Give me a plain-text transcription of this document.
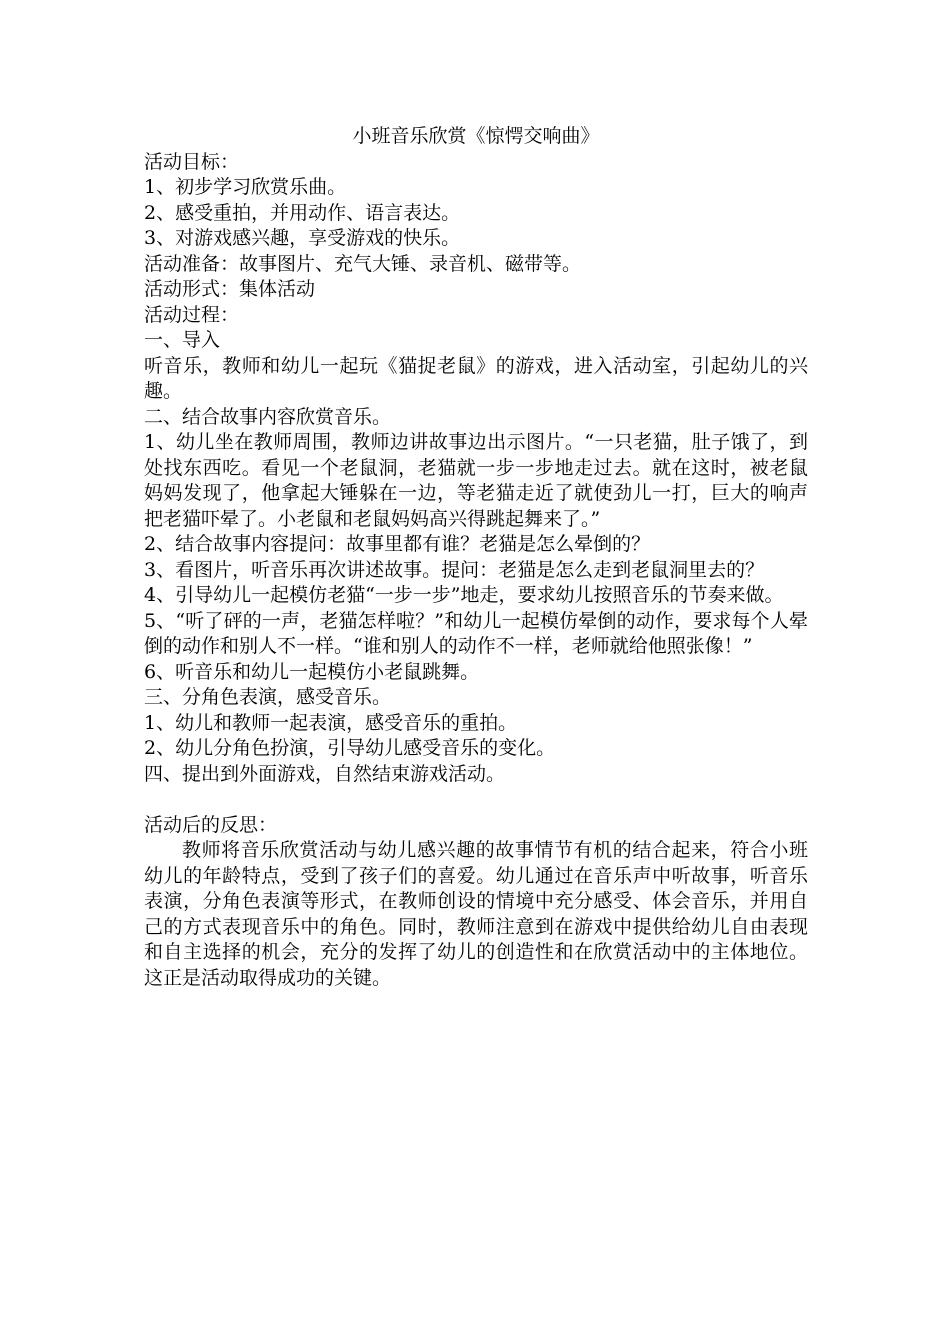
小班音乐欣赏《惊愕交响曲》

活动目标：

1、初步学习欣赏乐曲。

2、感受重拍，并用动作、语言表达。

3、对游戏感兴趣，享受游戏的快乐。

活动准备：故事图片、充气大锤、录音机、磁带等。

活动形式：集体活动

活动过程：

一、导入

听音乐，教师和幼儿一起玩《猫捉老鼠》的游戏，进入活动室，引起幼儿的兴趣。

二、结合故事内容欣赏音乐。

1、幼儿坐在教师周围，教师边讲故事边出示图片。“一只老猫，肚子饿了，到处找东西吃。看见一个老鼠洞，老猫就一步一步地走过去。就在这时，被老鼠妈妈发现了，他拿起大锤躲在一边，等老猫走近了就使劲儿一打，巨大的响声把老猫吓晕了。小老鼠和老鼠妈妈高兴得跳起舞来了。”

2、结合故事内容提问：故事里都有谁？老猫是怎么晕倒的？

3、看图片，听音乐再次讲述故事。提问：老猫是怎么走到老鼠洞里去的？

4、引导幼儿一起模仿老猫“一步一步”地走，要求幼儿按照音乐的节奏来做。

5、“听了砰的一声，老猫怎样啦？”和幼儿一起模仿晕倒的动作，要求每个人晕倒的动作和别人不一样。“谁和别人的动作不一样，老师就给他照张像！”

6、听音乐和幼儿一起模仿小老鼠跳舞。

三、分角色表演，感受音乐。

1、幼儿和教师一起表演，感受音乐的重拍。

2、幼儿分角色扮演，引导幼儿感受音乐的变化。

四、提出到外面游戏，自然结束游戏活动。

活动后的反思：

教师将音乐欣赏活动与幼儿感兴趣的故事情节有机的结合起来，符合小班幼儿的年龄特点，受到了孩子们的喜爱。幼儿通过在音乐声中听故事，听音乐表演，分角色表演等形式，在教师创设的情境中充分感受、体会音乐，并用自己的方式表现音乐中的角色。同时，教师注意到在游戏中提供给幼儿自由表现和自主选择的机会，充分的发挥了幼儿的创造性和在欣赏活动中的主体地位。这正是活动取得成功的关键。
